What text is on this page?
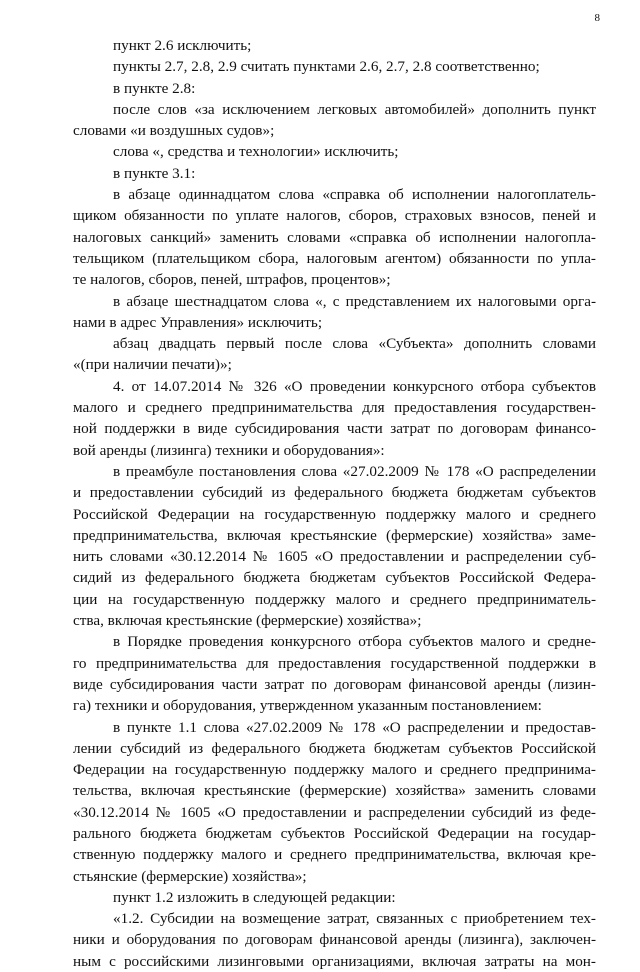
8
пункт 2.6 исключить;
пункты 2.7, 2.8, 2.9 считать пунктами 2.6, 2.7, 2.8 соответственно;
в пункте 2.8:
после слов «за исключением легковых автомобилей» дополнить пункт
словами «и воздушных судов»;
слова «, средства и технологии» исключить;
в пункте 3.1:
в абзаце одиннадцатом слова «справка об исполнении налогоплатель-
щиком обязанности по уплате налогов, сборов, страховых взносов, пеней и
налоговых санкций» заменить словами «справка об исполнении налогопла-
тельщиком (плательщиком сбора, налоговым агентом) обязанности по упла-
те налогов, сборов, пеней, штрафов, процентов»;
в абзаце шестнадцатом слова «, с представлением их налоговыми орга-
нами в адрес Управления» исключить;
абзац двадцать первый после слова «Субъекта» дополнить словами
«(при наличии печати)»;
4. от 14.07.2014 № 326 «О проведении конкурсного отбора субъектов
малого и среднего предпринимательства для предоставления государствен-
ной поддержки в виде субсидирования части затрат по договорам финансо-
вой аренды (лизинга) техники и оборудования»:
в преамбуле постановления слова «27.02.2009 № 178 «О распределении
и предоставлении субсидий из федерального бюджета бюджетам субъектов
Российской Федерации на государственную поддержку малого и среднего
предпринимательства, включая крестьянские (фермерские) хозяйства» заме-
нить словами «30.12.2014 № 1605 «О предоставлении и распределении суб-
сидий из федерального бюджета бюджетам субъектов Российской Федера-
ции на государственную поддержку малого и среднего предприниматель-
ства, включая крестьянские (фермерские) хозяйства»;
в Порядке проведения конкурсного отбора субъектов малого и средне-
го предпринимательства для предоставления государственной поддержки в
виде субсидирования части затрат по договорам финансовой аренды (лизин-
га) техники и оборудования, утвержденном указанным постановлением:
в пункте 1.1 слова «27.02.2009 № 178 «О распределении и предостав-
лении субсидий из федерального бюджета бюджетам субъектов Российской
Федерации на государственную поддержку малого и среднего предпринима-
тельства, включая крестьянские (фермерские) хозяйства» заменить словами
«30.12.2014 № 1605 «О предоставлении и распределении субсидий из феде-
рального бюджета бюджетам субъектов Российской Федерации на государ-
ственную поддержку малого и среднего предпринимательства, включая кре-
стьянские (фермерские) хозяйства»;
пункт 1.2 изложить в следующей редакции:
«1.2. Субсидии на возмещение затрат, связанных с приобретением тех-
ники и оборудования по договорам финансовой аренды (лизинга), заключен-
ным с российскими лизинговыми организациями, включая затраты на мон-
